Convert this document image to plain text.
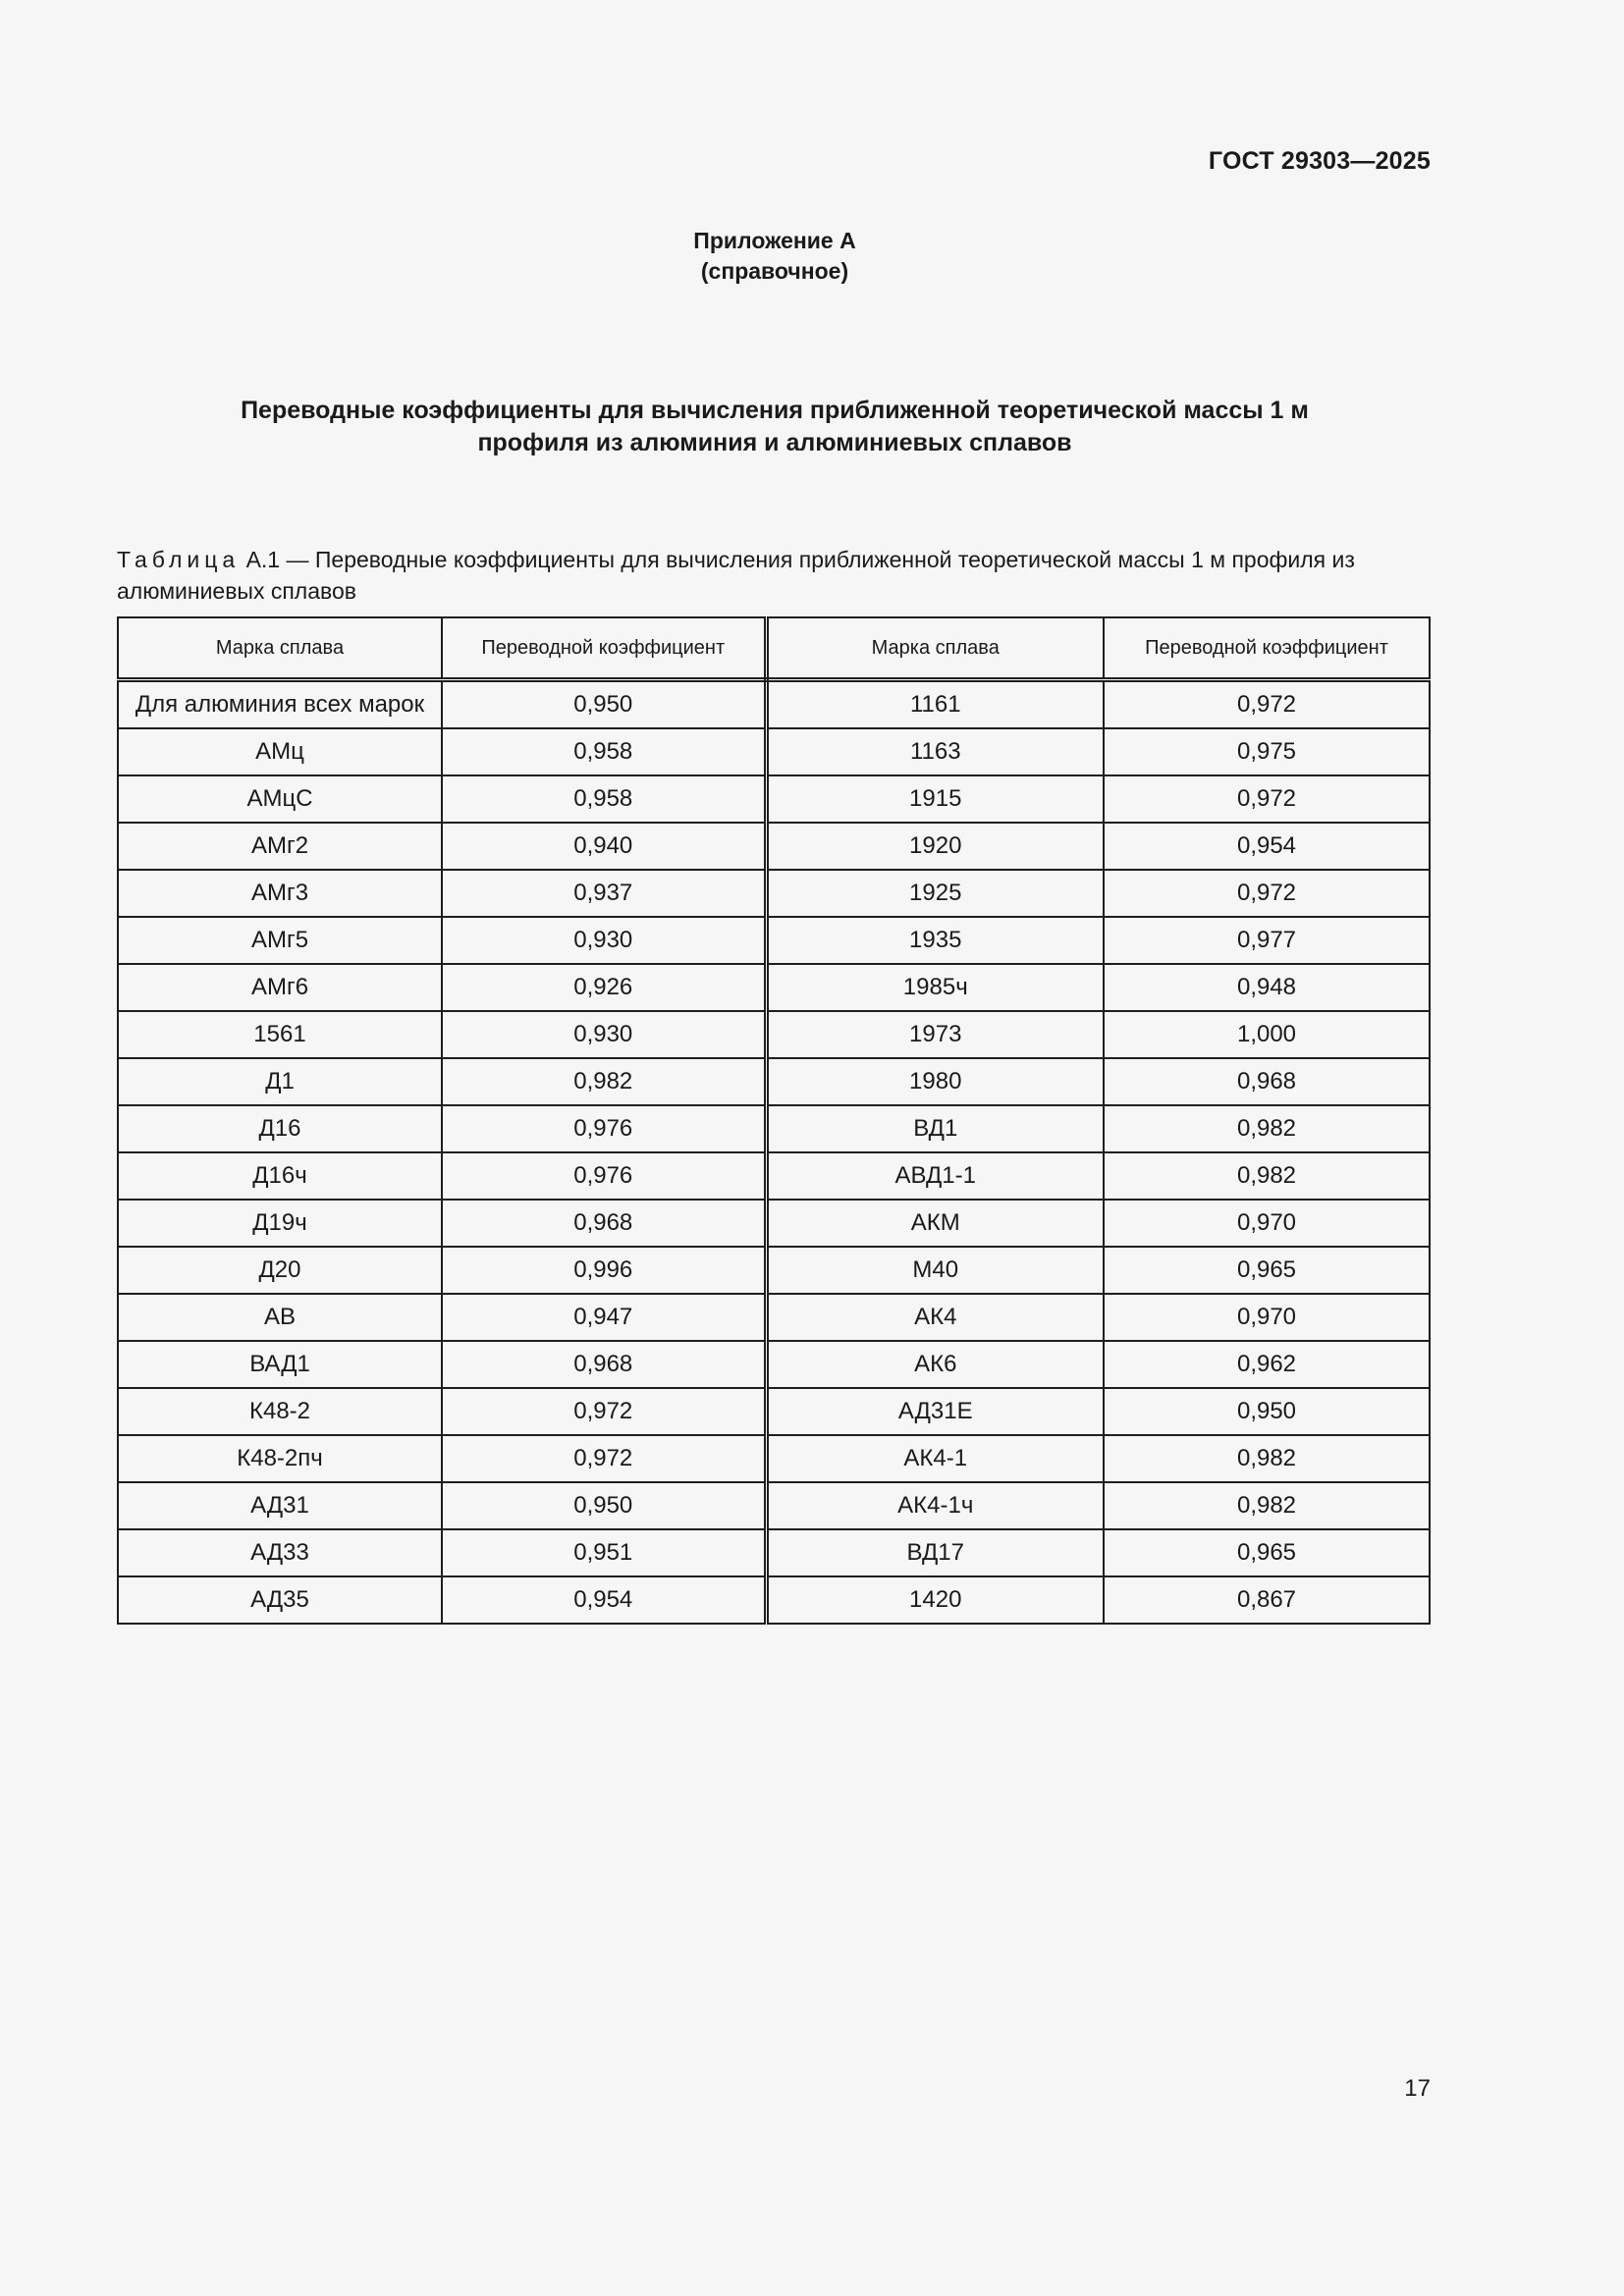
ГОСТ 29303—2025
Приложение А
(справочное)
Переводные коэффициенты для вычисления приближенной теоретической массы 1 м
профиля из алюминия и алюминиевых сплавов
Таблица А.1 — Переводные коэффициенты для вычисления приближенной теоретической массы 1 м профиля из алюминиевых сплавов
Марка сплава	Переводной коэффициент	Марка сплава	Переводной коэффициент
Для алюминия всех марок	0,950	1161	0,972
АМц	0,958	1163	0,975
АМцС	0,958	1915	0,972
АМг2	0,940	1920	0,954
АМг3	0,937	1925	0,972
АМг5	0,930	1935	0,977
АМг6	0,926	1985ч	0,948
1561	0,930	1973	1,000
Д1	0,982	1980	0,968
Д16	0,976	ВД1	0,982
Д16ч	0,976	АВД1-1	0,982
Д19ч	0,968	АКМ	0,970
Д20	0,996	М40	0,965
АВ	0,947	АК4	0,970
ВАД1	0,968	АК6	0,962
К48-2	0,972	АД31Е	0,950
К48-2пч	0,972	АК4-1	0,982
АД31	0,950	АК4-1ч	0,982
АД33	0,951	ВД17	0,965
АД35	0,954	1420	0,867
17
